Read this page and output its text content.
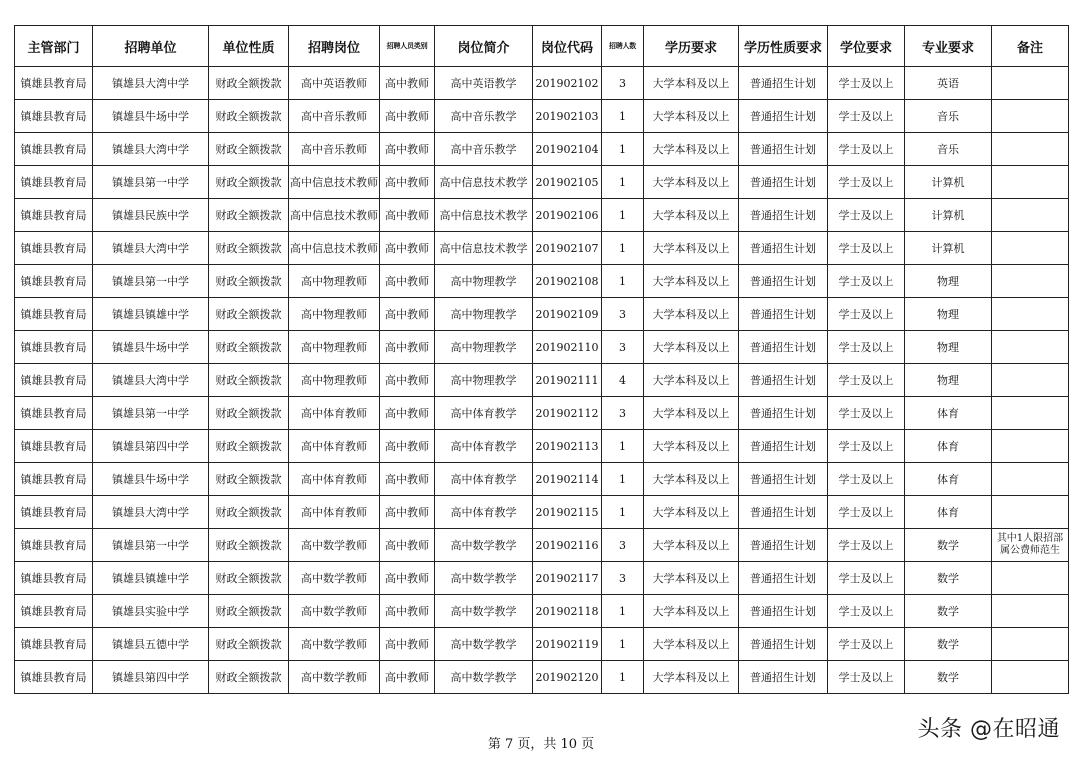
主管部门	招聘单位	单位性质	招聘岗位	招聘人员类别	岗位简介	岗位代码	招聘人数	学历要求	学历性质要求	学位要求	专业要求	备注
镇雄县教育局	镇雄县大湾中学	财政全额拨款	高中英语教师	高中教师	高中英语教学	201902102	3	大学本科及以上	普通招生计划	学士及以上	英语	
镇雄县教育局	镇雄县牛场中学	财政全额拨款	高中音乐教师	高中教师	高中音乐教学	201902103	1	大学本科及以上	普通招生计划	学士及以上	音乐	
镇雄县教育局	镇雄县大湾中学	财政全额拨款	高中音乐教师	高中教师	高中音乐教学	201902104	1	大学本科及以上	普通招生计划	学士及以上	音乐	
镇雄县教育局	镇雄县第一中学	财政全额拨款	高中信息技术教师	高中教师	高中信息技术教学	201902105	1	大学本科及以上	普通招生计划	学士及以上	计算机	
镇雄县教育局	镇雄县民族中学	财政全额拨款	高中信息技术教师	高中教师	高中信息技术教学	201902106	1	大学本科及以上	普通招生计划	学士及以上	计算机	
镇雄县教育局	镇雄县大湾中学	财政全额拨款	高中信息技术教师	高中教师	高中信息技术教学	201902107	1	大学本科及以上	普通招生计划	学士及以上	计算机	
镇雄县教育局	镇雄县第一中学	财政全额拨款	高中物理教师	高中教师	高中物理教学	201902108	1	大学本科及以上	普通招生计划	学士及以上	物理	
镇雄县教育局	镇雄县镇雄中学	财政全额拨款	高中物理教师	高中教师	高中物理教学	201902109	3	大学本科及以上	普通招生计划	学士及以上	物理	
镇雄县教育局	镇雄县牛场中学	财政全额拨款	高中物理教师	高中教师	高中物理教学	201902110	3	大学本科及以上	普通招生计划	学士及以上	物理	
镇雄县教育局	镇雄县大湾中学	财政全额拨款	高中物理教师	高中教师	高中物理教学	201902111	4	大学本科及以上	普通招生计划	学士及以上	物理	
镇雄县教育局	镇雄县第一中学	财政全额拨款	高中体育教师	高中教师	高中体育教学	201902112	3	大学本科及以上	普通招生计划	学士及以上	体育	
镇雄县教育局	镇雄县第四中学	财政全额拨款	高中体育教师	高中教师	高中体育教学	201902113	1	大学本科及以上	普通招生计划	学士及以上	体育	
镇雄县教育局	镇雄县牛场中学	财政全额拨款	高中体育教师	高中教师	高中体育教学	201902114	1	大学本科及以上	普通招生计划	学士及以上	体育	
镇雄县教育局	镇雄县大湾中学	财政全额拨款	高中体育教师	高中教师	高中体育教学	201902115	1	大学本科及以上	普通招生计划	学士及以上	体育	
镇雄县教育局	镇雄县第一中学	财政全额拨款	高中数学教师	高中教师	高中数学教学	201902116	3	大学本科及以上	普通招生计划	学士及以上	数学	其中1人限招部属公费师范生
镇雄县教育局	镇雄县镇雄中学	财政全额拨款	高中数学教师	高中教师	高中数学教学	201902117	3	大学本科及以上	普通招生计划	学士及以上	数学	
镇雄县教育局	镇雄县实验中学	财政全额拨款	高中数学教师	高中教师	高中数学教学	201902118	1	大学本科及以上	普通招生计划	学士及以上	数学	
镇雄县教育局	镇雄县五德中学	财政全额拨款	高中数学教师	高中教师	高中数学教学	201902119	1	大学本科及以上	普通招生计划	学士及以上	数学	
镇雄县教育局	镇雄县第四中学	财政全额拨款	高中数学教师	高中教师	高中数学教学	201902120	1	大学本科及以上	普通招生计划	学士及以上	数学	
第 7 页，共 10 页
头条 @在昭通
